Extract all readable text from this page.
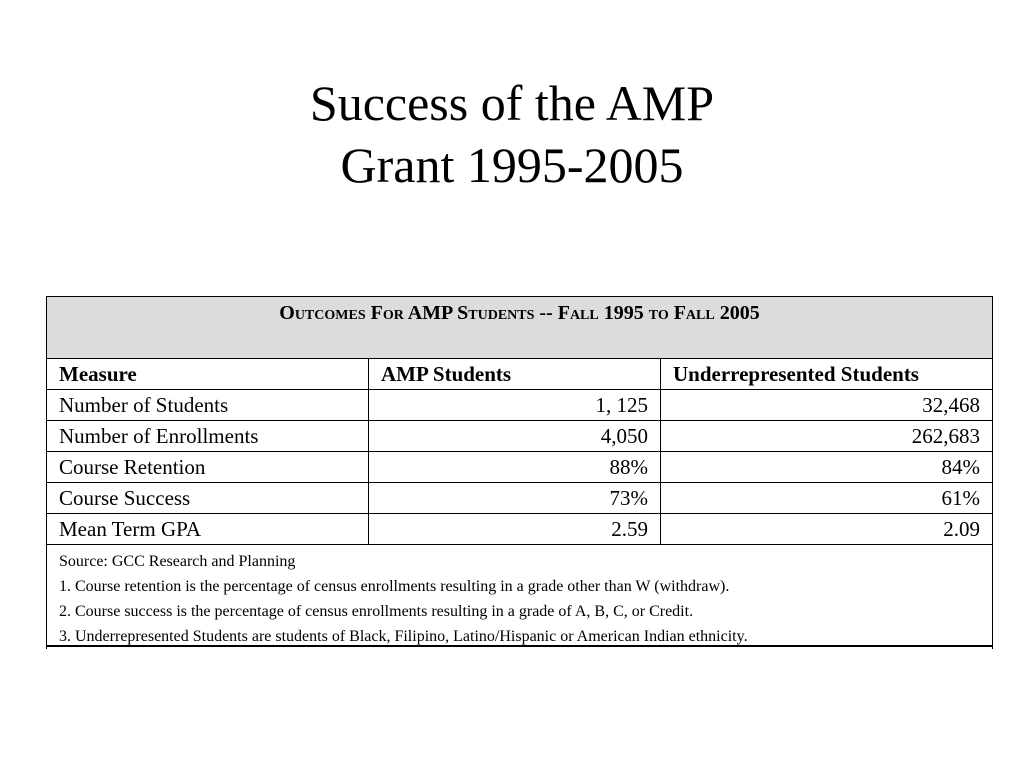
Success of the AMP
Grant 1995-2005
Outcomes For AMP Students -- Fall 1995 to Fall 2005		
Measure	AMP Students	Underrepresented Students
Number of Students	1, 125	32,468
Number of Enrollments	4,050	262,683
Course Retention	88%	84%
Course Success	73%	61%
Mean Term GPA	2.59	2.09

Source: GCC Research and Planning
1. Course retention is the percentage of census enrollments resulting in a grade other than W (withdraw).
2. Course success is the percentage of census enrollments resulting in a grade of A, B, C, or Credit.
3. Underrepresented Students are students of Black, Filipino, Latino/Hispanic or American Indian ethnicity.		
